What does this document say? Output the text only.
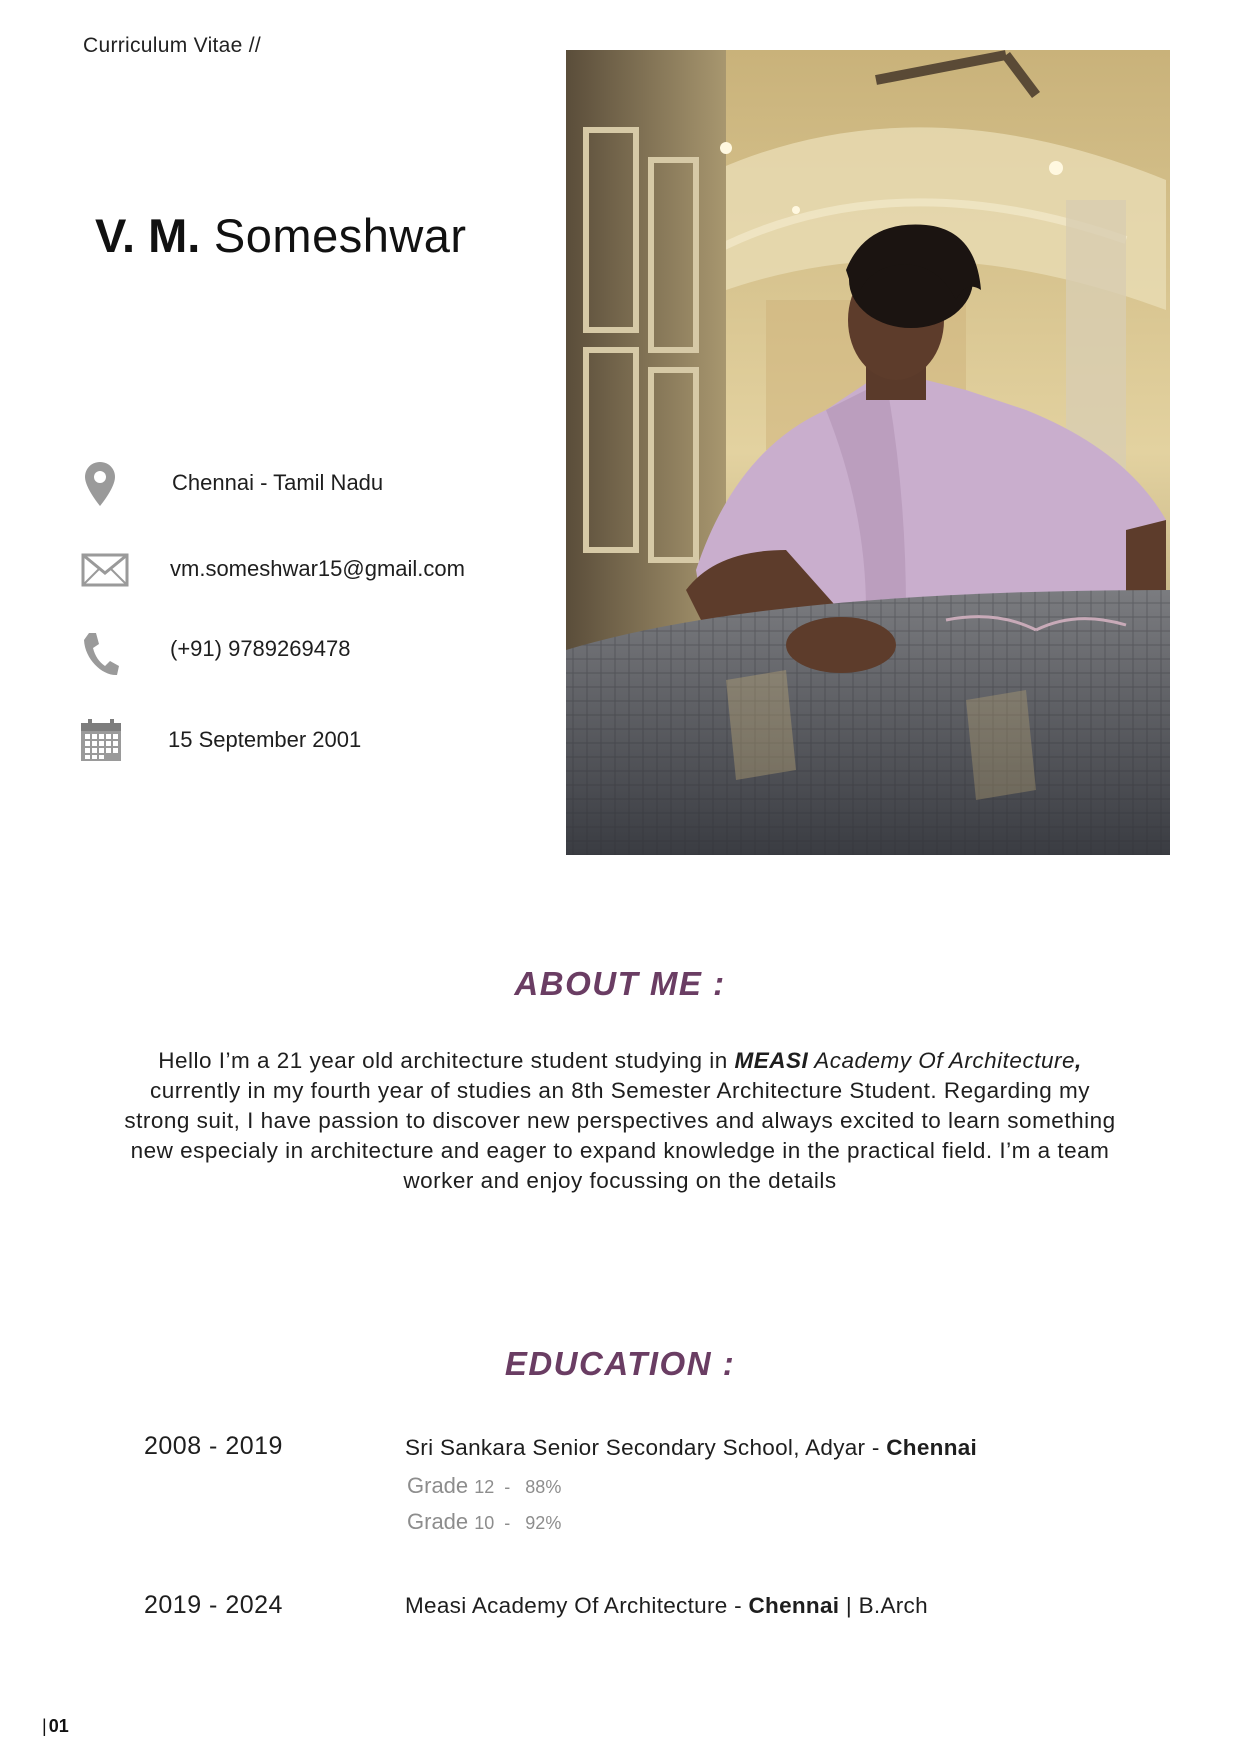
Curriculum Vitae //
V. M. Someshwar
Chennai - Tamil Nadu
vm.someshwar15@gmail.com
(+91) 9789269478
15 September 2001
ABOUT ME :
Hello I’m a 21 year old architecture student studying in MEASI Academy Of Architecture, currently in my fourth year of studies an 8th Semester Architecture Student. Regarding my strong suit, I have passion to discover new perspectives and always excited to learn something new especialy in architecture and eager to expand knowledge in the practical field. I’m a team worker and enjoy focussing on the details
EDUCATION :
2008 - 2019	Sri Sankara Senior Secondary School, Adyar - Chennai
Grade 12  -   88%
Grade 10  -   92%
2019 - 2024	Measi Academy Of Architecture - Chennai | B.Arch
| 01
